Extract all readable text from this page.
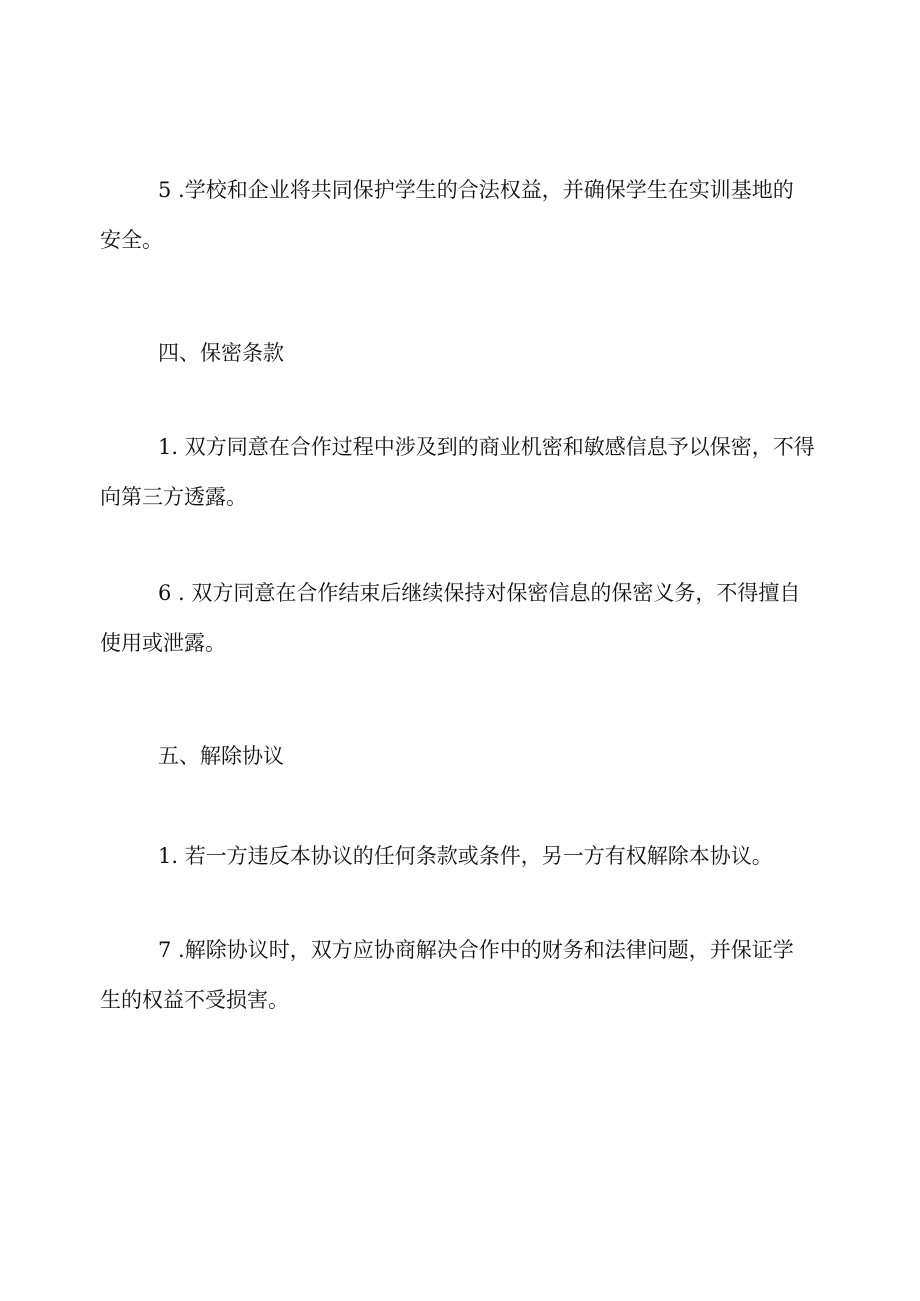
5 .学校和企业将共同保护学生的合法权益，并确保学生在实训基地的
安全。

四、保密条款

1. 双方同意在合作过程中涉及到的商业机密和敏感信息予以保密，不得
向第三方透露。

6 . 双方同意在合作结束后继续保持对保密信息的保密义务，不得擅自
使用或泄露。

五、解除协议

1. 若一方违反本协议的任何条款或条件，另一方有权解除本协议。

7 .解除协议时，双方应协商解决合作中的财务和法律问题，并保证学
生的权益不受损害。
